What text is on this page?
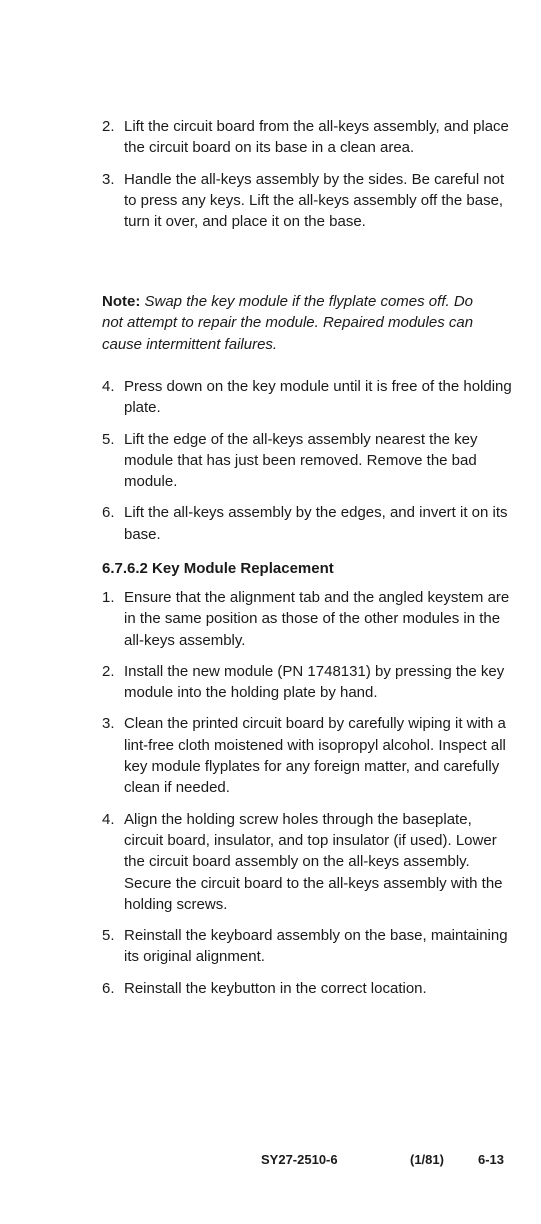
2. Lift the circuit board from the all-keys assembly, and place the circuit board on its base in a clean area.
3. Handle the all-keys assembly by the sides. Be careful not to press any keys. Lift the all-keys assembly off the base, turn it over, and place it on the base.
Note: Swap the key module if the flyplate comes off. Do not attempt to repair the module. Repaired modules can cause intermittent failures.
4. Press down on the key module until it is free of the holding plate.
5. Lift the edge of the all-keys assembly nearest the key module that has just been removed. Remove the bad module.
6. Lift the all-keys assembly by the edges, and invert it on its base.
6.7.6.2 Key Module Replacement
1. Ensure that the alignment tab and the angled keystem are in the same position as those of the other modules in the all-keys assembly.
2. Install the new module (PN 1748131) by pressing the key module into the holding plate by hand.
3. Clean the printed circuit board by carefully wiping it with a lint-free cloth moistened with isopropyl alcohol. Inspect all key module flyplates for any foreign matter, and carefully clean if needed.
4. Align the holding screw holes through the baseplate, circuit board, insulator, and top insulator (if used). Lower the circuit board assembly on the all-keys assembly. Secure the circuit board to the all-keys assembly with the holding screws.
5. Reinstall the keyboard assembly on the base, maintaining its original alignment.
6. Reinstall the keybutton in the correct location.
SY27-2510-6	(1/81)	6-13
